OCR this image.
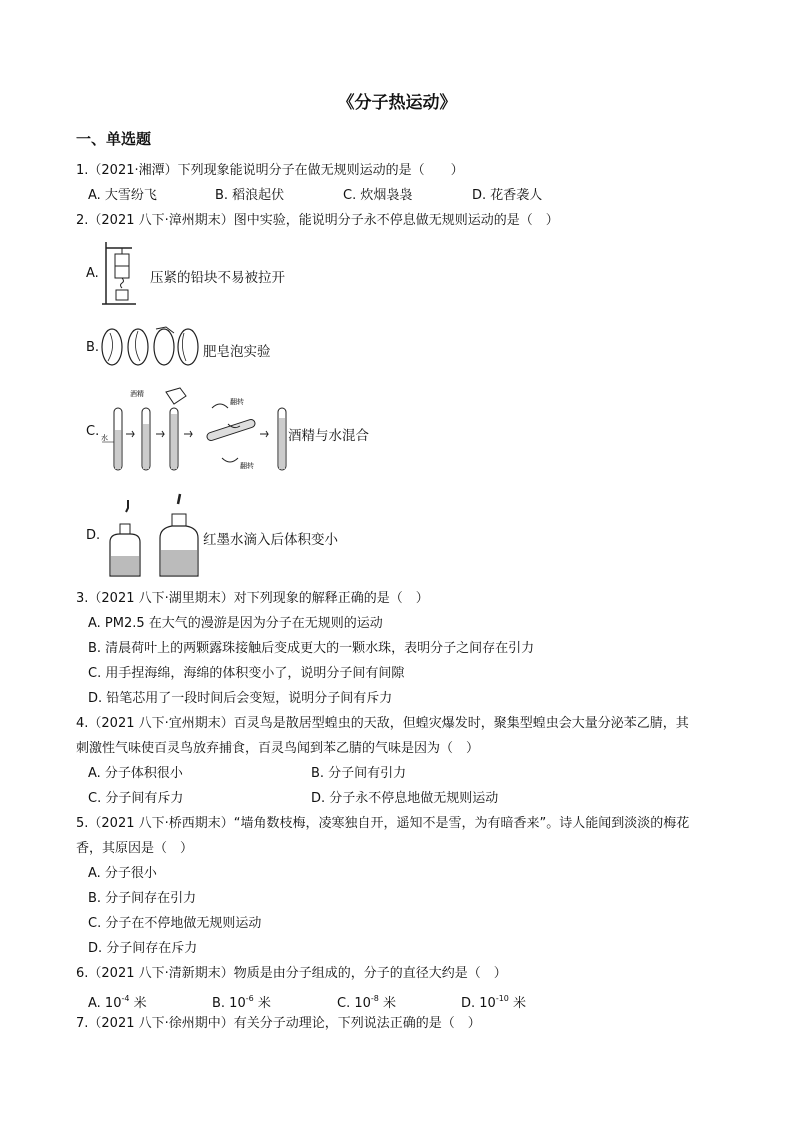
《分子热运动》
一、单选题
1.（2021·湘潭）下列现象能说明分子在做无规则运动的是（　　）
A. 大雪纷飞	B. 稻浪起伏	C. 炊烟袅袅	D. 花香袭人
2.（2021 八下·漳州期末）图中实验，能说明分子永不停息做无规则运动的是（　）
A.	压紧的铅块不易被拉开
B.	肥皂泡实验
C. 水
酒精
翻转
翻转
酒精与水混合
D.	红墨水滴入后体积变小
3.（2021 八下·湖里期末）对下列现象的解释正确的是（　）
A. PM2.5 在大气的漫游是因为分子在无规则的运动
B. 清晨荷叶上的两颗露珠接触后变成更大的一颗水珠，表明分子之间存在引力
C. 用手捏海绵，海绵的体积变小了，说明分子间有间隙
D. 铅笔芯用了一段时间后会变短，说明分子间有斥力
4.（2021 八下·宜州期末）百灵鸟是散居型蝗虫的天敌，但蝗灾爆发时，聚集型蝗虫会大量分泌苯乙腈，其
刺激性气味使百灵鸟放弃捕食，百灵鸟闻到苯乙腈的气味是因为（　）
A. 分子体积很小	B. 分子间有引力
C. 分子间有斥力	D. 分子永不停息地做无规则运动
5.（2021 八下·桥西期末）“墙角数枝梅，凌寒独自开，遥知不是雪，为有暗香来”。诗人能闻到淡淡的梅花
香，其原因是（　）
A. 分子很小
B. 分子间存在引力
C. 分子在不停地做无规则运动
D. 分子间存在斥力
6.（2021 八下·清新期末）物质是由分子组成的，分子的直径大约是（　）
A. $10^{-4}$ 米	B. $10^{-6}$ 米	C. $10^{-8}$ 米	D. $10^{-10}$ 米
7.（2021 八下·徐州期中）有关分子动理论，下列说法正确的是（　）
